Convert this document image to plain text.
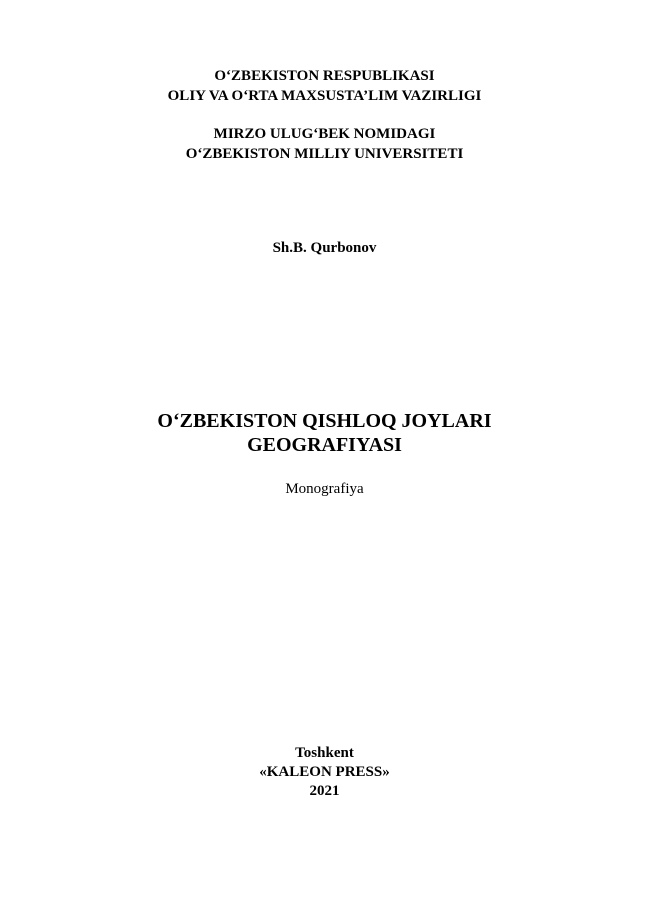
O‘ZBEKISTON RESPUBLIKASI
OLIY VA O‘RTA MAXSUSTA’LIM VAZIRLIGI
MIRZO ULUG‘BEK NOMIDAGI
O‘ZBEKISTON MILLIY UNIVERSITETI
Sh.B. Qurbonov
O‘ZBEKISTON QISHLOQ JOYLARI
GEOGRAFIYASI
Monografiya
Toshkent
«KALEON PRESS»
2021
